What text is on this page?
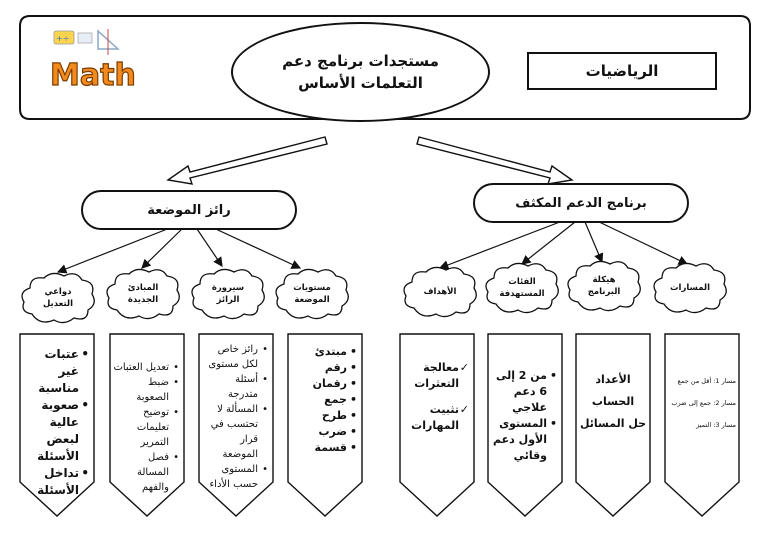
+÷
Math	مستجدات برنامج دعم
التعلمات الأساس
الرياضيات
رائز الموضعة	برنامج الدعم المكثف
دواعي
التعديل
المبادئ
الجديدة
سيرورة
الرائز
مستويات
الموضعة
الأهداف
الفئات
المستهدفة
هيكلة
البرنامج	المسارات
• عتبات غير مناسبة
• صعوبة عالية لبعض الأسئلة
• تداخل الأسئلة
• تعديل العتبات
• ضبط الصعوبة
• توضيح تعليمات التمرير
• فصل المسالة والفهم
• رائز خاص لكل مستوى
• أسئلة متدرجة
• المسألة لا تحتسب في قرار الموضعة
• المستوى حسب الأداء
• مبتدئ
• رقم
• رقمان
• جمع
• طرح
• ضرب
• قسمة
✓ معالجة التعثرات
✓ تثبيت المهارات
• من 2 إلى 6 دعم علاجي
• المستوى الأول دعم وقائي
الأعداد
الحساب
حل المسائل
مسار 1: أقل من جمع
مسار 2: جمع إلى ضرب
مسار 3: التميز
